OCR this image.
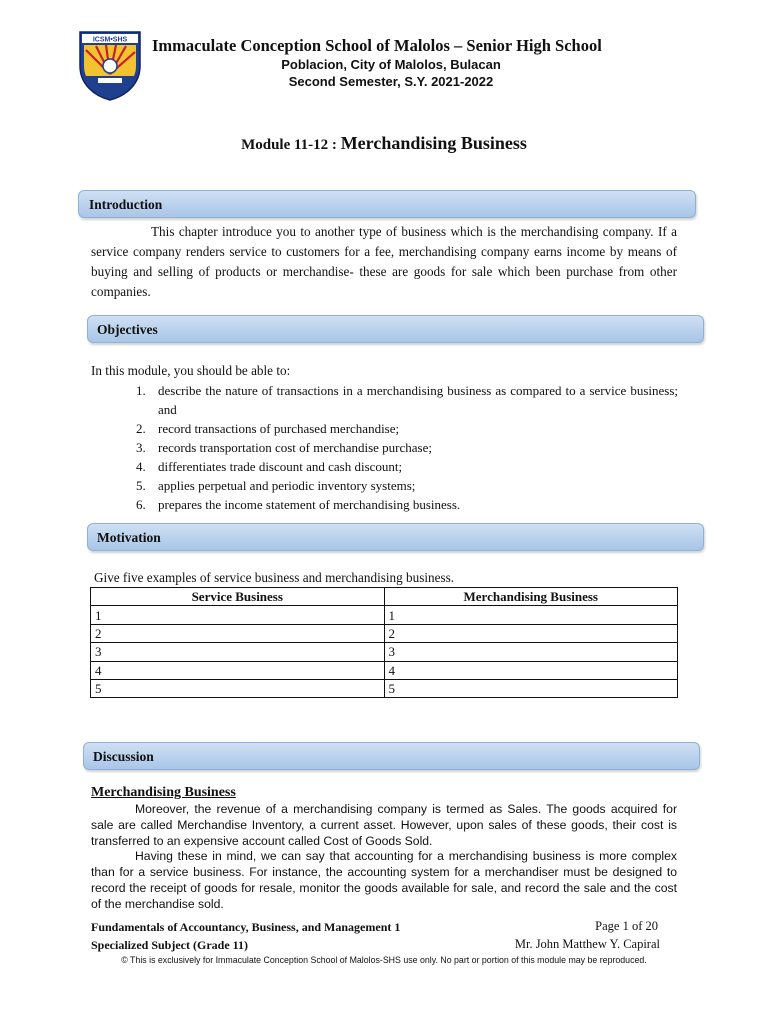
ICSM•SHS Immaculate Conception School of Malolos – Senior High School
Poblacion, City of Malolos, Bulacan
Second Semester, S.Y. 2021-2022
Module 11-12 : Merchandising Business
Introduction
This chapter introduce you to another type of business which is the merchandising company. If a service company renders service to customers for a fee, merchandising company earns income by means of buying and selling of products or merchandise- these are goods for sale which been purchase from other companies.
Objectives
In this module, you should be able to:
1. describe the nature of transactions in a merchandising business as compared to a service business; and
2. record transactions of purchased merchandise;
3. records transportation cost of merchandise purchase;
4. differentiates trade discount and cash discount;
5. applies perpetual and periodic inventory systems;
6. prepares the income statement of merchandising business.
Motivation
Give five examples of service business and merchandising business.
Service Business	Merchandising Business
1	1
2	2
3	3
4	4
5	5
Discussion
Merchandising Business

Moreover, the revenue of a merchandising company is termed as Sales. The goods acquired for sale are called Merchandise Inventory, a current asset. However, upon sales of these goods, their cost is transferred to an expensive account called Cost of Goods Sold.

Having these in mind, we can say that accounting for a merchandising business is more complex than for a service business. For instance, the accounting system for a merchandiser must be designed to record the receipt of goods for resale, monitor the goods available for sale, and record the sale and the cost of the merchandise sold.

Fundamentals of Accountancy, Business, and Management 1	Page 1 of 20
Specialized Subject (Grade 11)	Mr. John Matthew Y. Capiral
© This is exclusively for Immaculate Conception School of Malolos-SHS use only. No part or portion of this module may be reproduced.
